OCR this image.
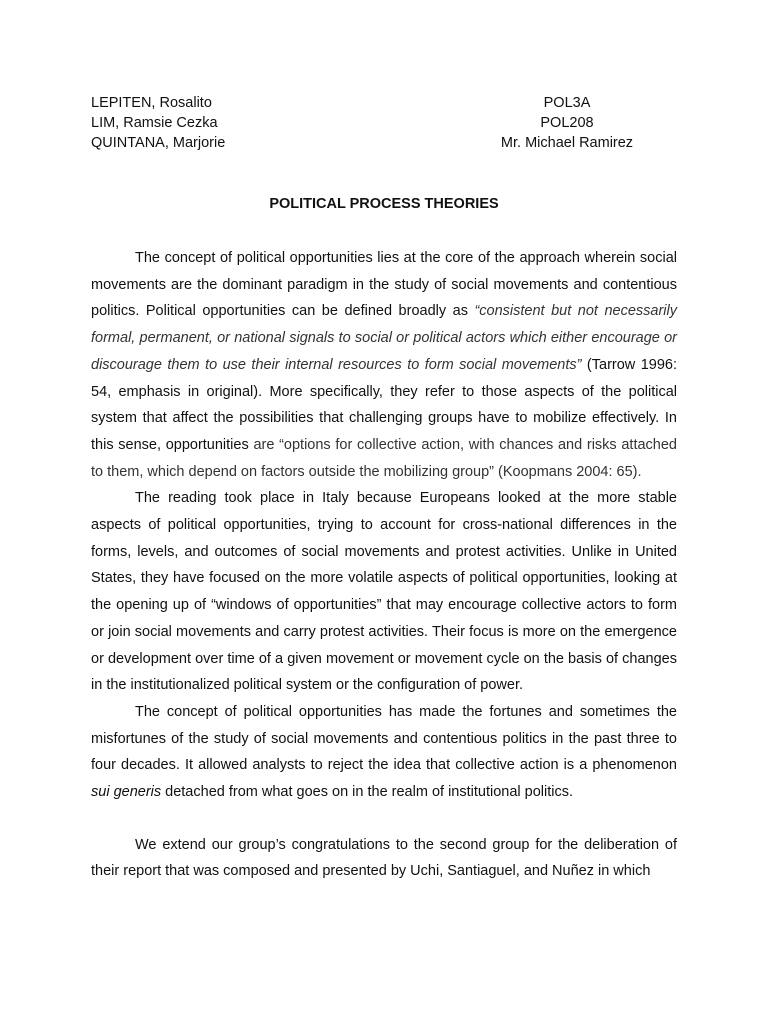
LEPITEN, Rosalito	POL3A
LIM, Ramsie Cezka	POL208
QUINTANA, Marjorie	Mr. Michael Ramirez
POLITICAL PROCESS THEORIES

The concept of political opportunities lies at the core of the approach wherein social movements are the dominant paradigm in the study of social movements and contentious politics. Political opportunities can be defined broadly as “consistent but not necessarily formal, permanent, or national signals to social or political actors which either encourage or discourage them to use their internal resources to form social movements” (Tarrow 1996: 54, emphasis in original). More specifically, they refer to those aspects of the political system that affect the possibilities that challenging groups have to mobilize effectively. In this sense, opportunities are “options for collective action, with chances and risks attached to them, which depend on factors outside the mobilizing group” (Koopmans 2004: 65).

The reading took place in Italy because Europeans looked at the more stable aspects of political opportunities, trying to account for cross-national differences in the forms, levels, and outcomes of social movements and protest activities. Unlike in United States, they have focused on the more volatile aspects of political opportunities, looking at the opening up of “windows of opportunities” that may encourage collective actors to form or join social movements and carry protest activities. Their focus is more on the emergence or development over time of a given movement or movement cycle on the basis of changes in the institutionalized political system or the configuration of power.

The concept of political opportunities has made the fortunes and sometimes the misfortunes of the study of social movements and contentious politics in the past three to four decades. It allowed analysts to reject the idea that collective action is a phenomenon sui generis detached from what goes on in the realm of institutional politics.

We extend our group’s congratulations to the second group for the deliberation of their report that was composed and presented by Uchi, Santiaguel, and Nuñez in which
